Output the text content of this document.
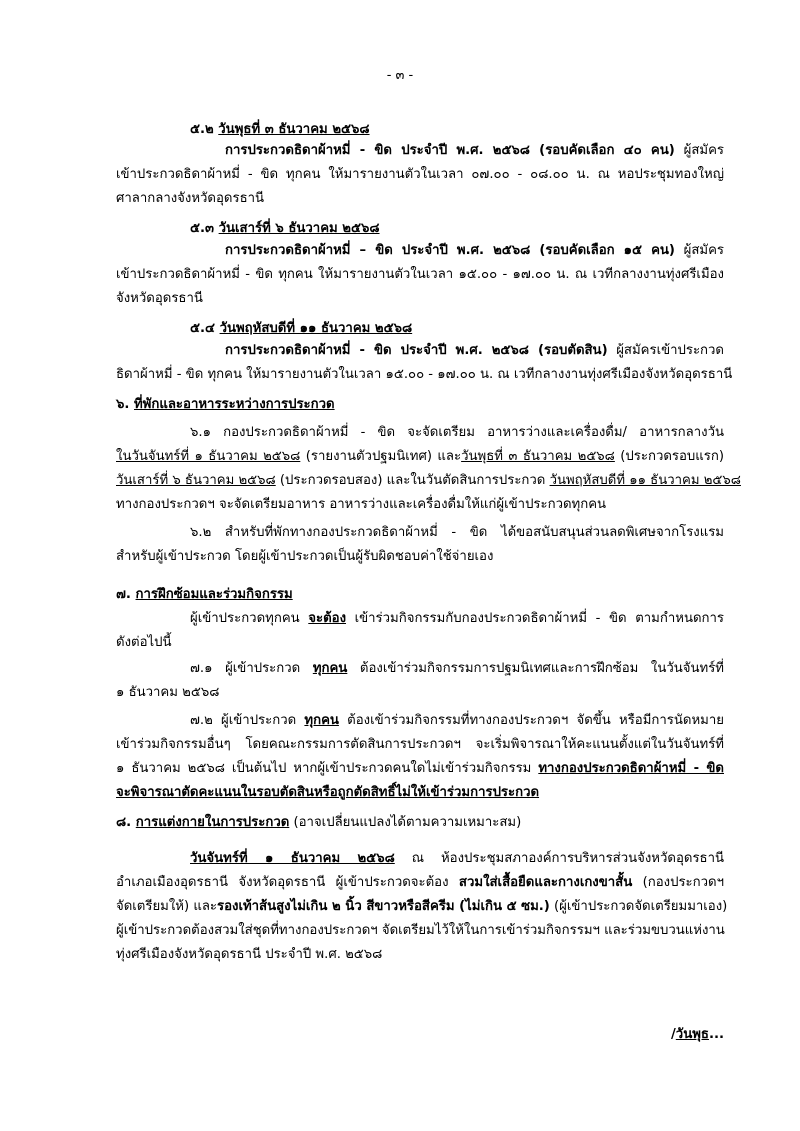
- ๓ -
๕.๒ วันพุธที่ ๓ ธันวาคม ๒๕๖๘
การประกวดธิดาผ้าหมี่ - ขิด ประจำปี พ.ศ. ๒๕๖๘ (รอบคัดเลือก ๔๐ คน) ผู้สมัคร
เข้าประกวดธิดาผ้าหมี่ - ขิด ทุกคน ให้มารายงานตัวในเวลา ๐๗.๐๐ - ๐๘.๐๐ น. ณ หอประชุมทองใหญ่
ศาลากลางจังหวัดอุดรธานี
๕.๓ วันเสาร์ที่ ๖ ธันวาคม ๒๕๖๘
การประกวดธิดาผ้าหมี่ – ขิด ประจำปี พ.ศ. ๒๕๖๘ (รอบคัดเลือก ๑๕ คน) ผู้สมัคร
เข้าประกวดธิดาผ้าหมี่ - ขิด ทุกคน ให้มารายงานตัวในเวลา ๑๕.๐๐ - ๑๗.๐๐ น. ณ เวทีกลางงานทุ่งศรีเมือง
จังหวัดอุดรธานี
๕.๔ วันพฤหัสบดีที่ ๑๑ ธันวาคม ๒๕๖๘
การประกวดธิดาผ้าหมี่ - ขิด ประจำปี พ.ศ. ๒๕๖๘ (รอบตัดสิน) ผู้สมัครเข้าประกวด
ธิดาผ้าหมี่ - ขิด ทุกคน ให้มารายงานตัวในเวลา ๑๕.๐๐ - ๑๗.๐๐ น. ณ เวทีกลางงานทุ่งศรีเมืองจังหวัดอุดรธานี
๖. ที่พักและอาหารระหว่างการประกวด
๖.๑ กองประกวดธิดาผ้าหมี่ - ขิด จะจัดเตรียม อาหารว่างและเครื่องดื่ม/ อาหารกลางวัน
ในวันจันทร์ที่ ๑ ธันวาคม ๒๕๖๘ (รายงานตัวปฐมนิเทศ) และวันพุธที่ ๓ ธันวาคม ๒๕๖๘ (ประกวดรอบแรก)
วันเสาร์ที่ ๖ ธันวาคม ๒๕๖๘ (ประกวดรอบสอง) และในวันตัดสินการประกวด วันพฤหัสบดีที่ ๑๑ ธันวาคม ๒๕๖๘
ทางกองประกวดฯ จะจัดเตรียมอาหาร อาหารว่างและเครื่องดื่มให้แก่ผู้เข้าประกวดทุกคน
๖.๒ สำหรับที่พักทางกองประกวดธิดาผ้าหมี่ - ขิด ได้ขอสนับสนุนส่วนลดพิเศษจากโรงแรม
สำหรับผู้เข้าประกวด โดยผู้เข้าประกวดเป็นผู้รับผิดชอบค่าใช้จ่ายเอง
๗. การฝึกซ้อมและร่วมกิจกรรม
ผู้เข้าประกวดทุกคน จะต้อง เข้าร่วมกิจกรรมกับกองประกวดธิดาผ้าหมี่ - ขิด ตามกำหนดการ
ดังต่อไปนี้
๗.๑ ผู้เข้าประกวด ทุกคน ต้องเข้าร่วมกิจกรรมการปฐมนิเทศและการฝึกซ้อม ในวันจันทร์ที่
๑ ธันวาคม ๒๕๖๘
๗.๒ ผู้เข้าประกวด ทุกคน ต้องเข้าร่วมกิจกรรมที่ทางกองประกวดฯ จัดขึ้น หรือมีการนัดหมาย
เข้าร่วมกิจกรรมอื่นๆ โดยคณะกรรมการตัดสินการประกวดฯ จะเริ่มพิจารณาให้คะแนนตั้งแต่ในวันจันทร์ที่
๑ ธันวาคม ๒๕๖๘ เป็นต้นไป หากผู้เข้าประกวดคนใดไม่เข้าร่วมกิจกรรม ทางกองประกวดธิดาผ้าหมี่ - ขิด
จะพิจารณาตัดคะแนนในรอบตัดสินหรือถูกตัดสิทธิ์ไม่ให้เข้าร่วมการประกวด
๘. การแต่งกายในการประกวด (อาจเปลี่ยนแปลงได้ตามความเหมาะสม)
วันจันทร์ที่ ๑ ธันวาคม ๒๕๖๘ ณ ห้องประชุมสภาองค์การบริหารส่วนจังหวัดอุดรธานี
อำเภอเมืองอุดรธานี จังหวัดอุดรธานี ผู้เข้าประกวดจะต้อง สวมใส่เสื้อยืดและกางเกงขาสั้น (กองประกวดฯ
จัดเตรียมให้) และรองเท้าส้นสูงไม่เกิน ๒ นิ้ว สีขาวหรือสีครีม (ไม่เกิน ๕ ซม.) (ผู้เข้าประกวดจัดเตรียมมาเอง)
ผู้เข้าประกวดต้องสวมใส่ชุดที่ทางกองประกวดฯ จัดเตรียมไว้ให้ในการเข้าร่วมกิจกรรมฯ และร่วมขบวนแห่งาน
ทุ่งศรีเมืองจังหวัดอุดรธานี ประจำปี พ.ศ. ๒๕๖๘
/วันพุธ...
